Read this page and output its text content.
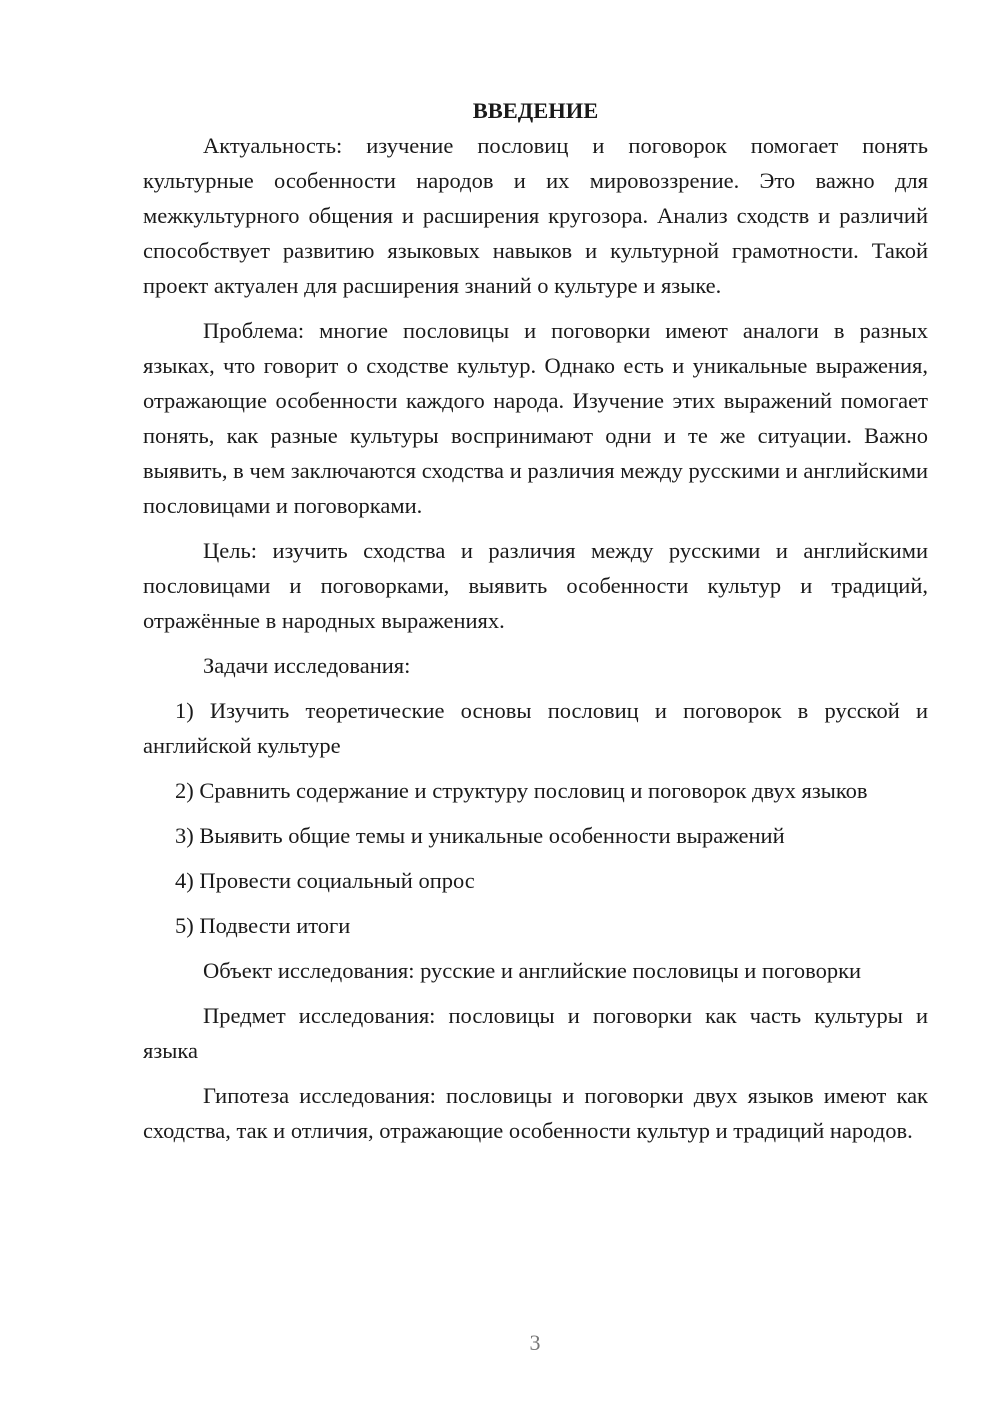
ВВЕДЕНИЕ

Актуальность: изучение пословиц и поговорок помогает понять культурные особенности народов и их мировоззрение. Это важно для межкультурного общения и расширения кругозора. Анализ сходств и различий способствует развитию языковых навыков и культурной грамотности. Такой проект актуален для расширения знаний о культуре и языке.

Проблема: многие пословицы и поговорки имеют аналоги в разных языках, что говорит о сходстве культур. Однако есть и уникальные выражения, отражающие особенности каждого народа. Изучение этих выражений помогает понять, как разные культуры воспринимают одни и те же ситуации. Важно выявить, в чем заключаются сходства и различия между русскими и английскими пословицами и поговорками.

Цель: изучить сходства и различия между русскими и английскими пословицами и поговорками, выявить особенности культур и традиций, отражённые в народных выражениях.

Задачи исследования:

1) Изучить теоретические основы пословиц и поговорок в русской и английской культуре

2) Сравнить содержание и структуру пословиц и поговорок двух языков

3) Выявить общие темы и уникальные особенности выражений

4) Провести социальный опрос

5) Подвести итоги

Объект исследования: русские и английские пословицы и поговорки

Предмет исследования: пословицы и поговорки как часть культуры и языка

Гипотеза исследования: пословицы и поговорки двух языков имеют как сходства, так и отличия, отражающие особенности культур и традиций народов.

3
